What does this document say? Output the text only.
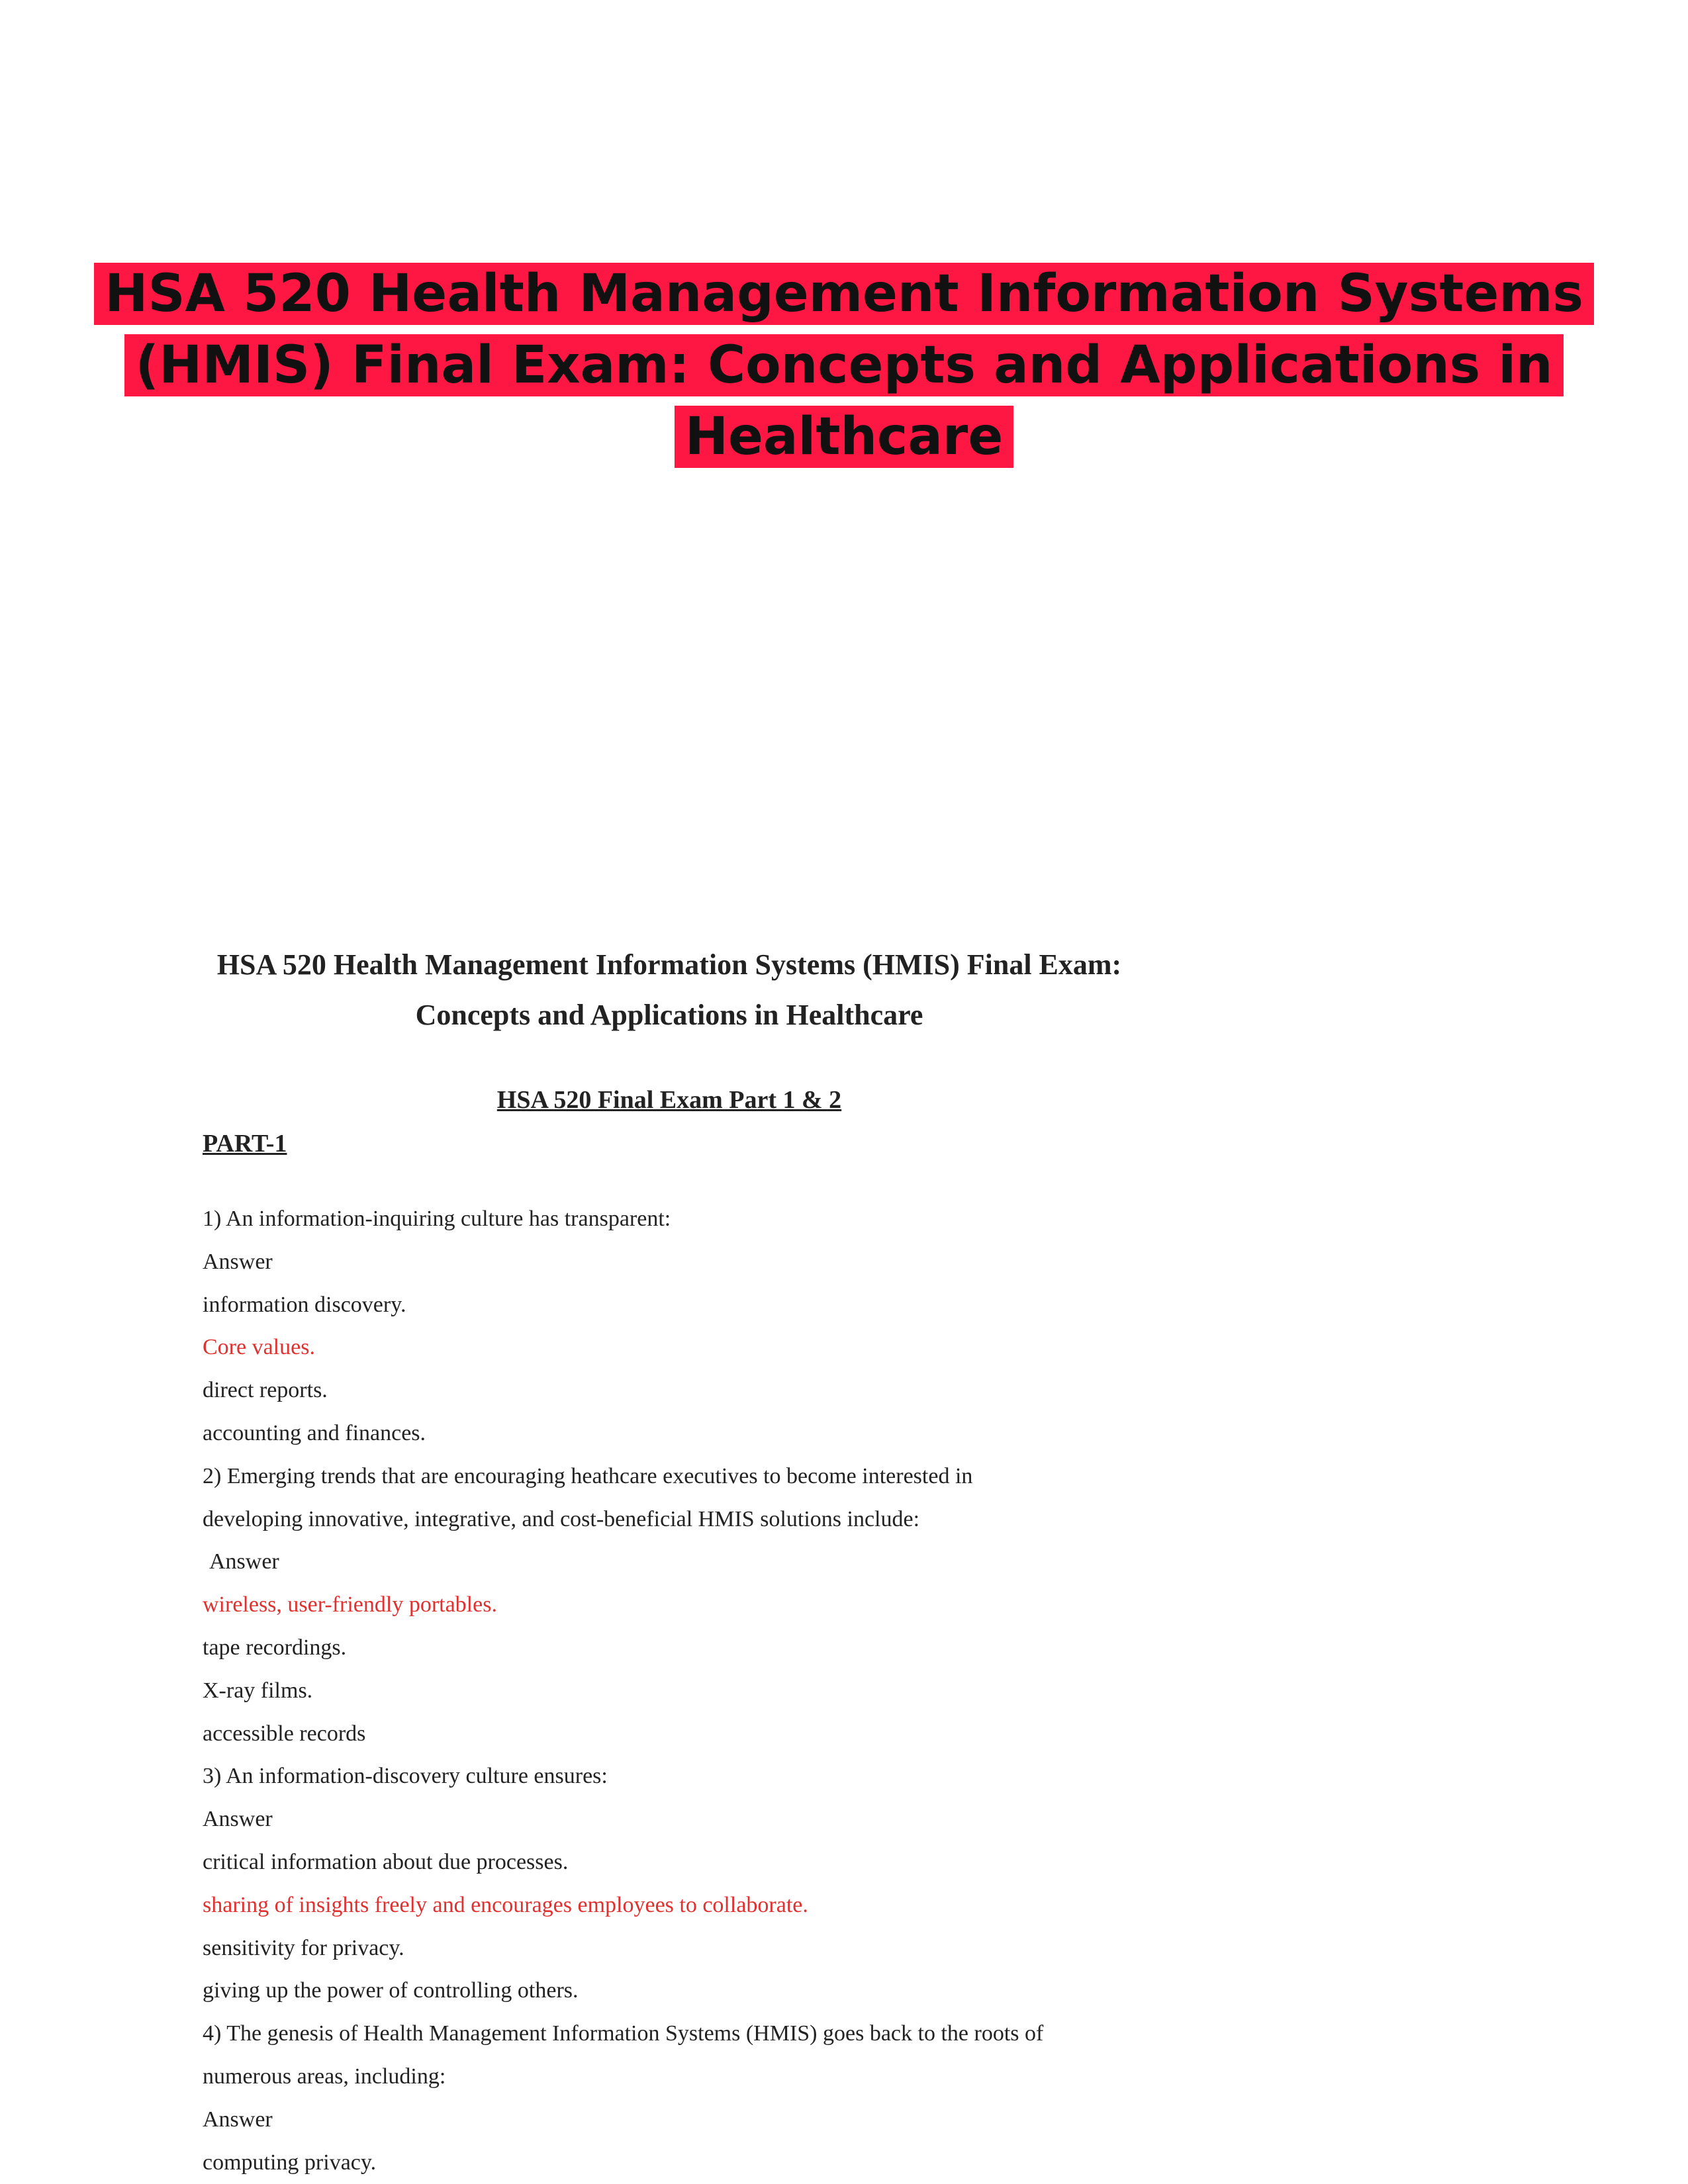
HSA 520 Health Management Information Systems
(HMIS) Final Exam: Concepts and Applications in
Healthcare

HSA 520 Health Management Information Systems (HMIS) Final Exam:

Concepts and Applications in Healthcare

HSA 520 Final Exam Part 1 & 2

PART-1

1) An information-inquiring culture has transparent:

Answer

information discovery.

Core values.

direct reports.

accounting and finances.

2) Emerging trends that are encouraging heathcare executives to become interested in

developing innovative, integrative, and cost-beneficial HMIS solutions include:

Answer

wireless, user-friendly portables.

tape recordings.

X-ray films.

accessible records

3) An information-discovery culture ensures:

Answer

critical information about due processes.

sharing of insights freely and encourages employees to collaborate.

sensitivity for privacy.

giving up the power of controlling others.

4) The genesis of Health Management Information Systems (HMIS) goes back to the roots of

numerous areas, including:

Answer

computing privacy.
